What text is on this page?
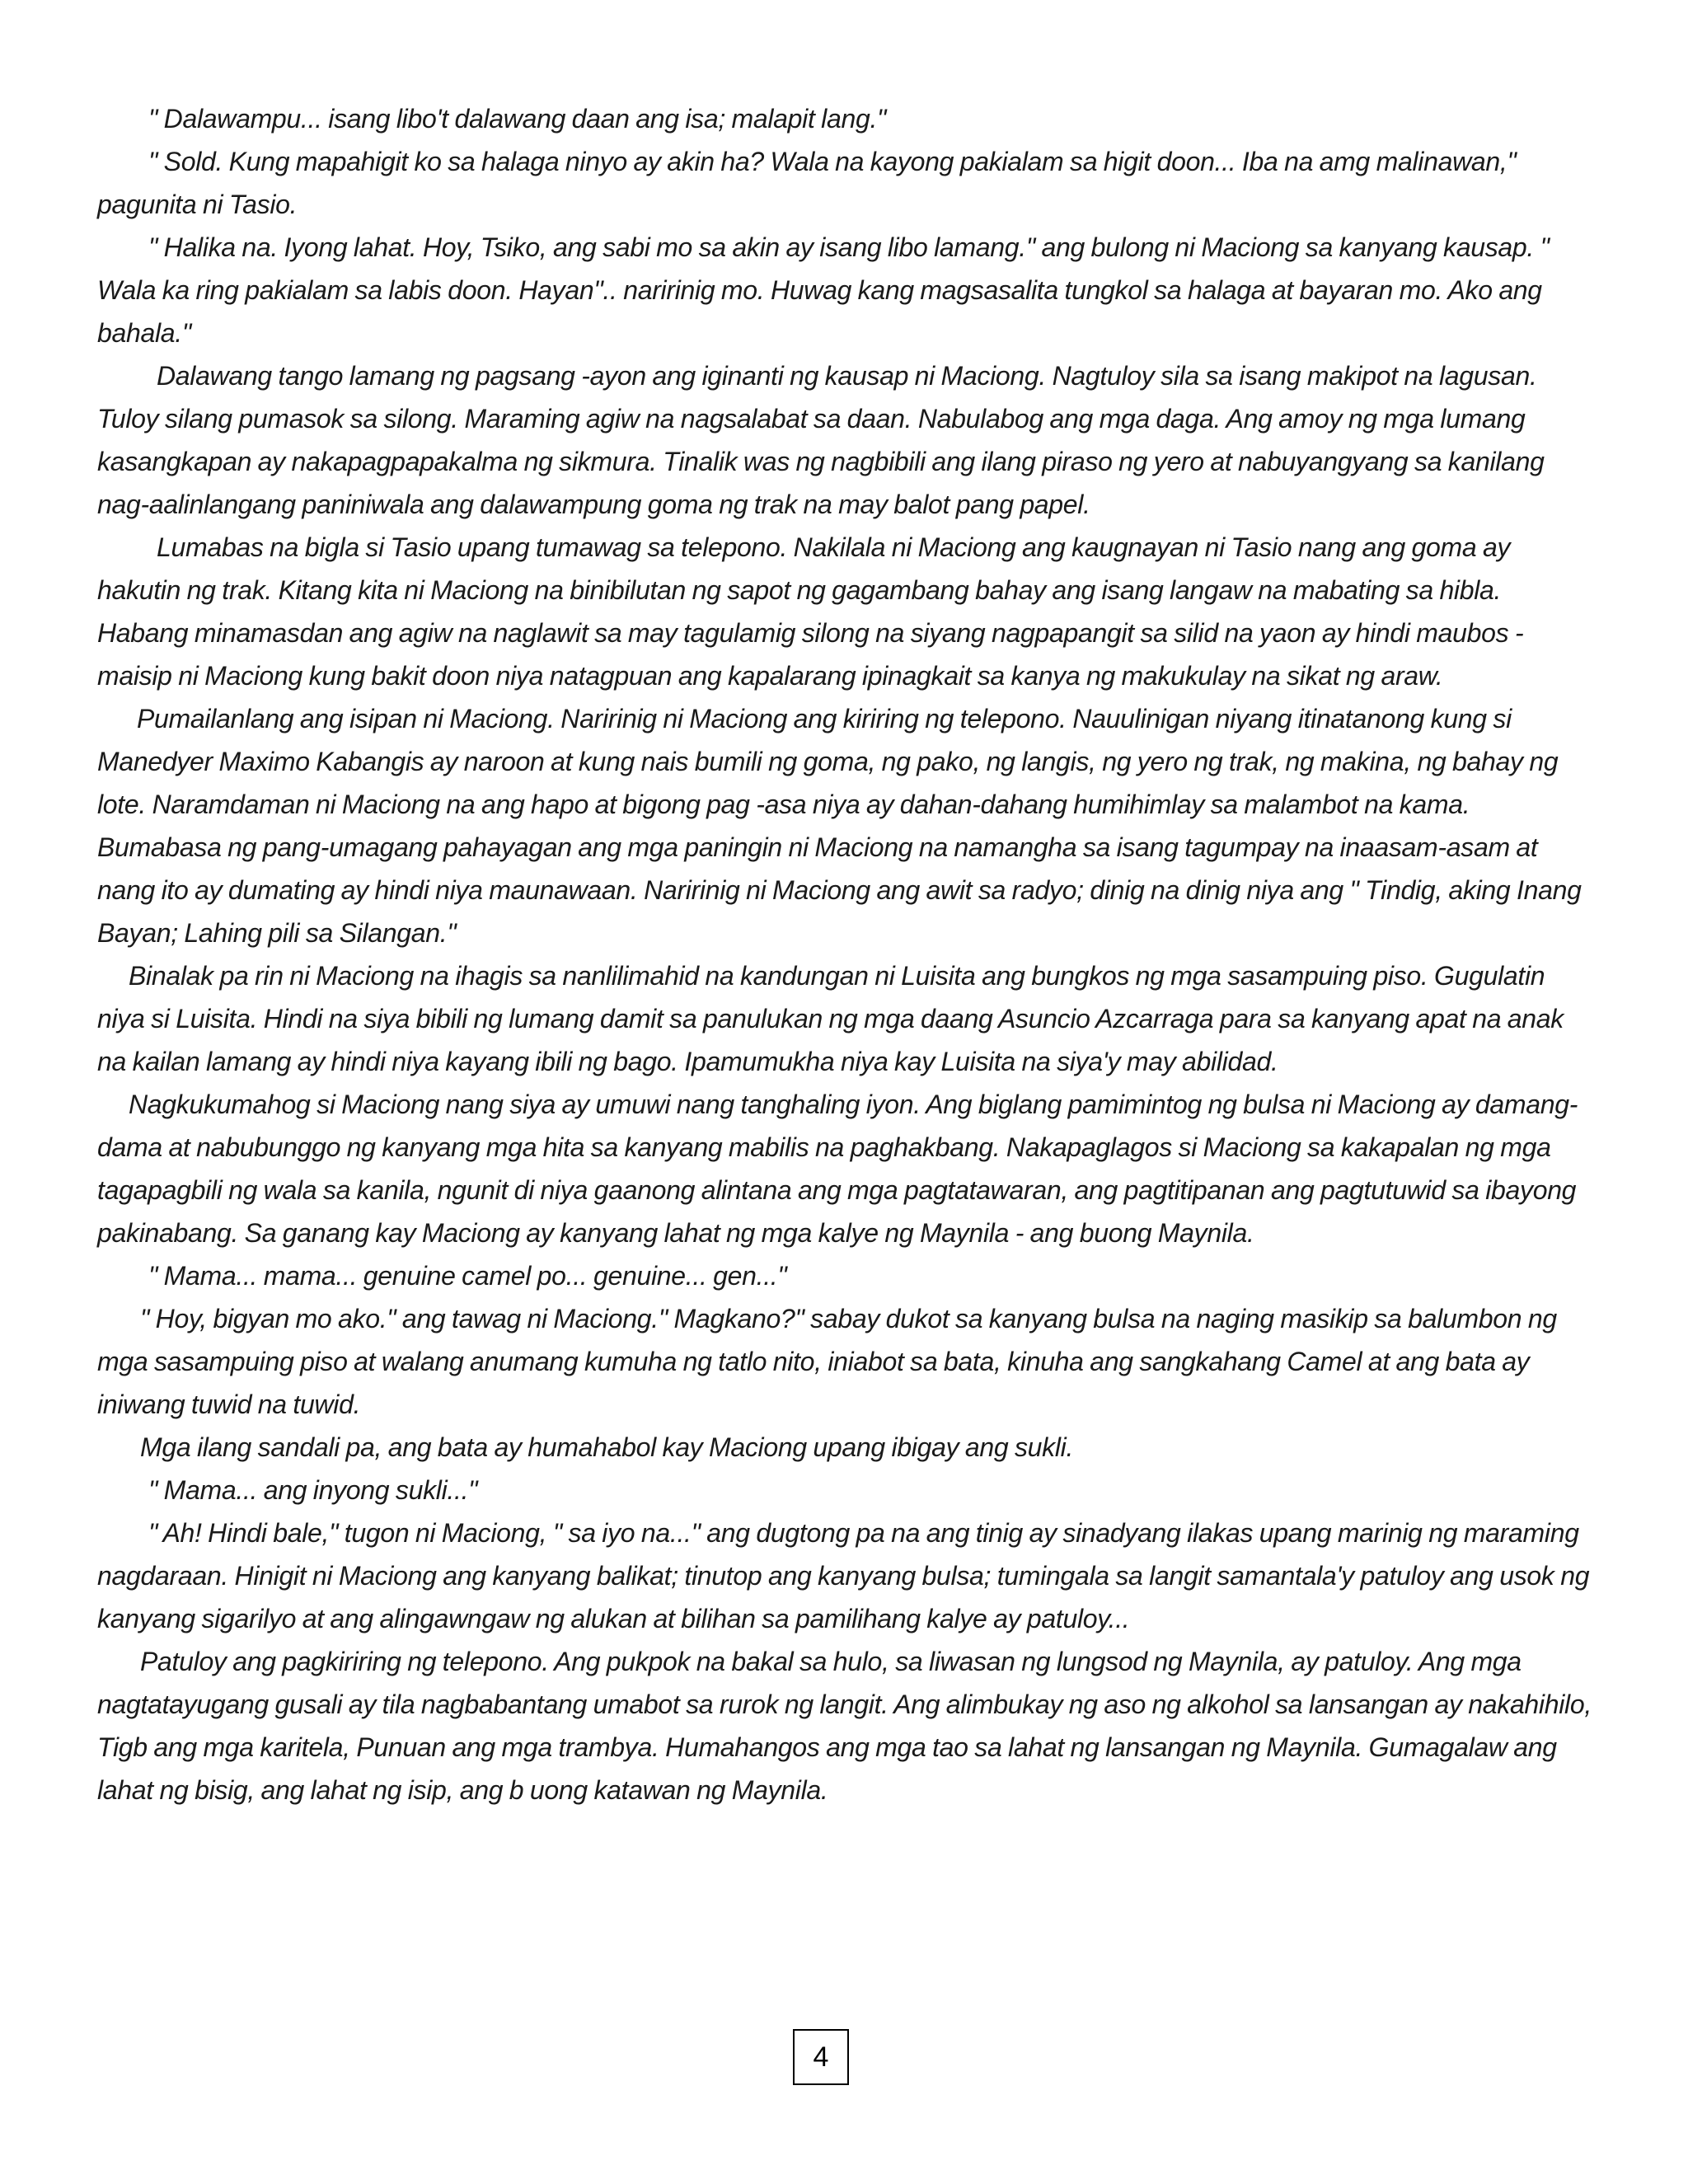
" Dalawampu... isang libo't dalawang daan ang isa; malapit lang."

" Sold. Kung mapahigit ko sa halaga ninyo ay akin ha? Wala na kayong pakialam sa higit doon... Iba na amg malinawan," pagunita ni Tasio.

" Halika na. Iyong lahat. Hoy, Tsiko, ang sabi mo sa akin ay isang libo lamang." ang bulong ni Maciong sa kanyang kausap. " Wala ka ring pakialam sa labis doon. Hayan".. naririnig mo. Huwag kang magsasalita tungkol sa halaga at bayaran mo. Ako ang bahala."

Dalawang tango lamang ng pagsang -ayon ang iginanti ng kausap ni Maciong. Nagtuloy sila sa isang makipot na lagusan. Tuloy silang pumasok sa silong. Maraming agiw na nagsalabat sa daan. Nabulabog ang mga daga. Ang amoy ng mga lumang kasangkapan ay nakapagpapakalma ng sikmura. Tinalik was ng nagbibili ang ilang piraso ng yero at nabuyangyang sa kanilang nag-aalinlangang paniniwala ang dalawampung goma ng trak na may balot pang papel.

Lumabas na bigla si Tasio upang tumawag sa telepono. Nakilala ni Maciong ang kaugnayan ni Tasio nang ang goma ay hakutin ng trak. Kitang kita ni Maciong na binibilutan ng sapot ng gagambang bahay ang isang langaw na mabating sa hibla. Habang minamasdan ang agiw na naglawit sa may tagulamig silong na siyang nagpapangit sa silid na yaon ay hindi maubos - maisip ni Maciong kung bakit doon niya natagpuan ang kapalarang ipinagkait sa kanya ng makukulay na sikat ng araw.

Pumailanlang ang isipan ni Maciong. Naririnig ni Maciong ang kiriring ng telepono. Nauulinigan niyang itinatanong kung si Manedyer Maximo Kabangis ay naroon at kung nais bumili ng goma, ng pako, ng langis, ng yero ng trak, ng makina, ng bahay ng lote. Naramdaman ni Maciong na ang hapo at bigong pag -asa niya ay dahan-dahang humihimlay sa malambot na kama. Bumabasa ng pang-umagang pahayagan ang mga paningin ni Maciong na namangha sa isang tagumpay na inaasam-asam at nang ito ay dumating ay hindi niya maunawaan. Naririnig ni Maciong ang awit sa radyo; dinig na dinig niya ang " Tindig, aking Inang Bayan; Lahing pili sa Silangan."

Binalak pa rin ni Maciong na ihagis sa nanlilimahid na kandungan ni Luisita ang bungkos ng mga sasampuing piso. Gugulatin niya si Luisita. Hindi na siya bibili ng lumang damit sa panulukan ng mga daang Asuncio Azcarraga para sa kanyang apat na anak na kailan lamang ay hindi niya kayang ibili ng bago. Ipamumukha niya kay Luisita na siya'y may abilidad.

Nagkukumahog si Maciong nang siya ay umuwi nang tanghaling iyon. Ang biglang pamimintog ng bulsa ni Maciong ay damang-dama at nabubunggo ng kanyang mga hita sa kanyang mabilis na paghakbang. Nakapaglagos si Maciong sa kakapalan ng mga tagapagbili ng wala sa kanila, ngunit di niya gaanong alintana ang mga pagtatawaran, ang pagtitipanan ang pagtutuwid sa ibayong pakinabang. Sa ganang kay Maciong ay kanyang lahat ng mga kalye ng Maynila - ang buong Maynila.

" Mama... mama... genuine camel po... genuine... gen..."

" Hoy, bigyan mo ako." ang tawag ni Maciong." Magkano?" sabay dukot sa kanyang bulsa na naging masikip sa balumbon ng mga sasampuing piso at walang anumang kumuha ng tatlo nito, iniabot sa bata, kinuha ang sangkahang Camel at ang bata ay iniwang tuwid na tuwid.

Mga ilang sandali pa, ang bata ay humahabol kay Maciong upang ibigay ang sukli.

" Mama... ang inyong sukli..."

" Ah! Hindi bale," tugon ni Maciong, " sa iyo na..." ang dugtong pa na ang tinig ay sinadyang ilakas upang marinig ng maraming nagdaraan. Hinigit ni Maciong ang kanyang balikat; tinutop ang kanyang bulsa; tumingala sa langit samantala'y patuloy ang usok ng kanyang sigarilyo at ang alingawngaw ng alukan at bilihan sa pamilihang kalye ay patuloy...

Patuloy ang pagkiriring ng telepono. Ang pukpok na bakal sa hulo, sa liwasan ng lungsod ng Maynila, ay patuloy. Ang mga nagtatayugang gusali ay tila nagbabantang umabot sa rurok ng langit. Ang alimbukay ng aso ng alkohol sa lansangan ay nakahihilo, Tigb ang mga karitela, Punuan ang mga trambya. Humahangos ang mga tao sa lahat ng lansangan ng Maynila. Gumagalaw ang lahat ng bisig, ang lahat ng isip, ang b uong katawan ng Maynila.

4
